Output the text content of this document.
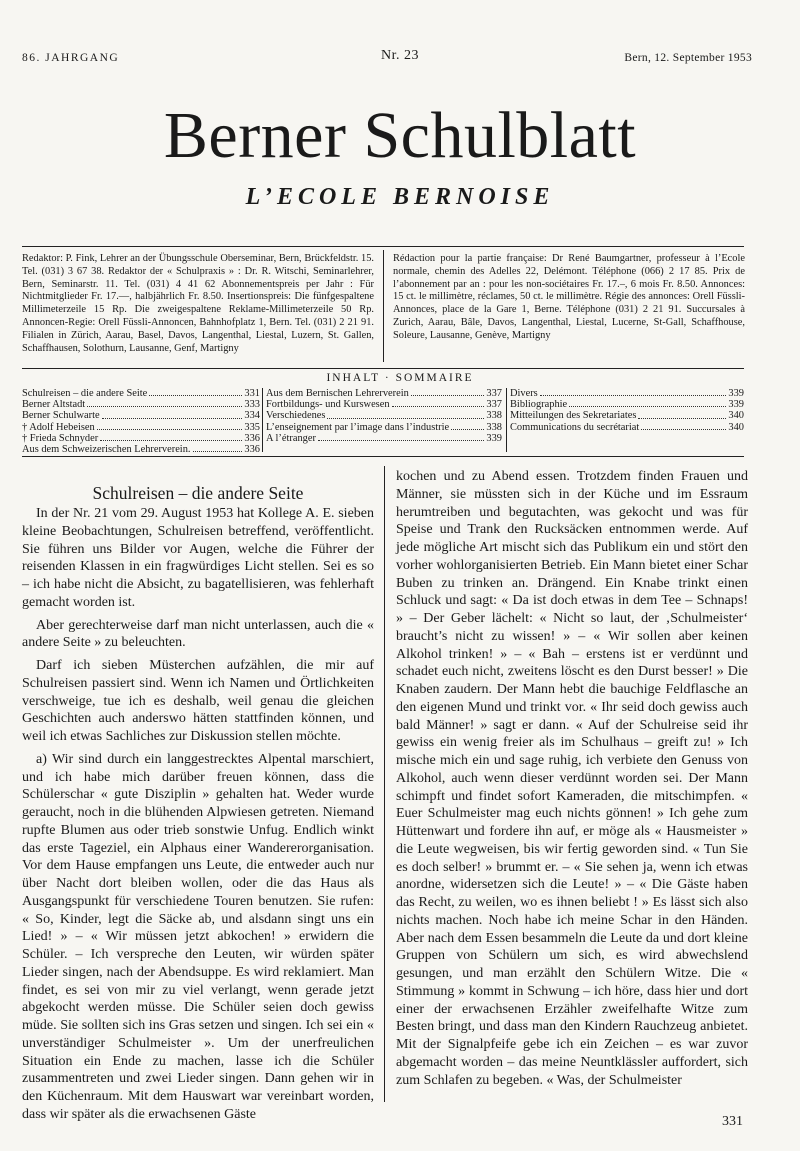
86. JAHRGANG	Nr. 23	Bern, 12. September 1953
Berner Schulblatt
L’ECOLE BERNOISE
Redaktor: P. Fink, Lehrer an der Übungsschule Oberseminar, Bern, Brückfeldstr. 15. Tel. (031) 3 67 38. Redaktor der « Schulpraxis » : Dr. R. Witschi, Seminarlehrer, Bern, Seminarstr. 11. Tel. (031) 4 41 62 Abonnementspreis per Jahr : Für Nichtmitglieder Fr. 17.—, halbjährlich Fr. 8.50. Insertionspreis: Die fünfgespaltene Millimeterzeile 15 Rp. Die zweigespaltene Reklame-Millimeterzeile 50 Rp. Annoncen-Regie: Orell Füssli-Annoncen, Bahnhofplatz 1, Bern. Tel. (031) 2 21 91. Filialen in Zürich, Aarau, Basel, Davos, Langenthal, Liestal, Luzern, St. Gallen, Schaffhausen, Solothurn, Lausanne, Genf, Martigny
Rédaction pour la partie française: Dr René Baumgartner, professeur à l’Ecole normale, chemin des Adelles 22, Delémont. Téléphone (066) 2 17 85. Prix de l’abonnement par an : pour les non-sociétaires Fr. 17.–, 6 mois Fr. 8.50. Annonces: 15 ct. le millimètre, réclames, 50 ct. le millimètre. Régie des annonces: Orell Füssli-Annonces, place de la Gare 1, Berne. Téléphone (031) 2 21 91. Succursales à Zurich, Aarau, Bâle, Davos, Langenthal, Liestal, Lucerne, St-Gall, Schaffhouse, Soleure, Lausanne, Genève, Martigny
INHALT · SOMMAIRE
Schulreisen – die andere Seite	331
Berner Altstadt	333
Berner Schulwarte	334
† Adolf Hebeisen	335
† Frieda Schnyder	336
Aus dem Schweizerischen Lehrerverein.	336
Aus dem Bernischen Lehrerverein	337
Fortbildungs- und Kurswesen	337
Verschiedenes	338
L’enseignement par l’image dans l’industrie	338
A l’étranger	339
Divers	339
Bibliographie	339
Mitteilungen des Sekretariates	340
Communications du secrétariat	340
Schulreisen – die andere Seite

In der Nr. 21 vom 29. August 1953 hat Kollege A. E. sieben kleine Beobachtungen, Schulreisen betreffend, veröffentlicht. Sie führen uns Bilder vor Augen, welche die Führer der reisenden Klassen in ein fragwürdiges Licht stellen. Sei es so – ich habe nicht die Absicht, zu bagatellisieren, was fehlerhaft gemacht worden ist.

Aber gerechterweise darf man nicht unterlassen, auch die « andere Seite » zu beleuchten.

Darf ich sieben Müsterchen aufzählen, die mir auf Schulreisen passiert sind. Wenn ich Namen und Örtlichkeiten verschweige, tue ich es deshalb, weil genau die gleichen Geschichten auch anderswo hätten stattfinden können, und weil ich etwas Sachliches zur Diskussion stellen möchte.

a) Wir sind durch ein langgestrecktes Alpental marschiert, und ich habe mich darüber freuen können, dass die Schülerschar « gute Disziplin » gehalten hat. Weder wurde geraucht, noch in die blühenden Alpwiesen getreten. Niemand rupfte Blumen aus oder trieb sonstwie Unfug. Endlich winkt das erste Tageziel, ein Alphaus einer Wandererorganisation. Vor dem Hause empfangen uns Leute, die entweder auch nur über Nacht dort bleiben wollen, oder die das Haus als Ausgangspunkt für verschiedene Touren benutzen. Sie rufen: « So, Kinder, legt die Säcke ab, und alsdann singt uns ein Lied! » – « Wir müssen jetzt abkochen! » erwidern die Schüler. – Ich verspreche den Leuten, wir würden später Lieder singen, nach der Abendsuppe. Es wird reklamiert. Man findet, es sei von mir zu viel verlangt, wenn gerade jetzt abgekocht werden müsse. Die Schüler seien doch gewiss müde. Sie sollten sich ins Gras setzen und singen. Ich sei ein « unverständiger Schulmeister ». Um der unerfreulichen Situation ein Ende zu machen, lasse ich die Schüler zusammentreten und zwei Lieder singen. Dann gehen wir in den Küchenraum. Mit dem Hauswart war vereinbart worden, dass wir später als die erwachsenen Gäste

kochen und zu Abend essen. Trotzdem finden Frauen und Männer, sie müssten sich in der Küche und im Essraum herumtreiben und begutachten, was gekocht und was für Speise und Trank den Rucksäcken entnommen werde. Auf jede mögliche Art mischt sich das Publikum ein und stört den vorher wohlorganisierten Betrieb. Ein Mann bietet einer Schar Buben zu trinken an. Drängend. Ein Knabe trinkt einen Schluck und sagt: « Da ist doch etwas in dem Tee – Schnaps! » – Der Geber lächelt: « Nicht so laut, der ‚Schulmeister‘ braucht’s nicht zu wissen! » – « Wir sollen aber keinen Alkohol trinken! » – « Bah – erstens ist er verdünnt und schadet euch nicht, zweitens löscht es den Durst besser! » Die Knaben zaudern. Der Mann hebt die bauchige Feldflasche an den eigenen Mund und trinkt vor. « Ihr seid doch gewiss auch bald Männer! » sagt er dann. « Auf der Schulreise seid ihr gewiss ein wenig freier als im Schulhaus – greift zu! » Ich mische mich ein und sage ruhig, ich verbiete den Genuss von Alkohol, auch wenn dieser verdünnt worden sei. Der Mann schimpft und findet sofort Kameraden, die mitschimpfen. « Euer Schulmeister mag euch nichts gönnen! » Ich gehe zum Hüttenwart und fordere ihn auf, er möge als « Hausmeister » die Leute wegweisen, bis wir fertig geworden sind. « Tun Sie es doch selber! » brummt er. – « Sie sehen ja, wenn ich etwas anordne, widersetzen sich die Leute! » – « Die Gäste haben das Recht, zu weilen, wo es ihnen beliebt ! » Es lässt sich also nichts machen. Noch habe ich meine Schar in den Händen. Aber nach dem Essen besammeln die Leute da und dort kleine Gruppen von Schülern um sich, es wird abwechslend gesungen, und man erzählt den Schülern Witze. Die « Stimmung » kommt in Schwung – ich höre, dass hier und dort einer der erwachsenen Erzähler zweifelhafte Witze zum Besten bringt, und dass man den Kindern Rauchzeug anbietet. Mit der Signalpfeife gebe ich ein Zeichen – es war zuvor abgemacht worden – das meine Neuntklässler auffordert, sich zum Schlafen zu begeben. « Was, der Schulmeister

331
